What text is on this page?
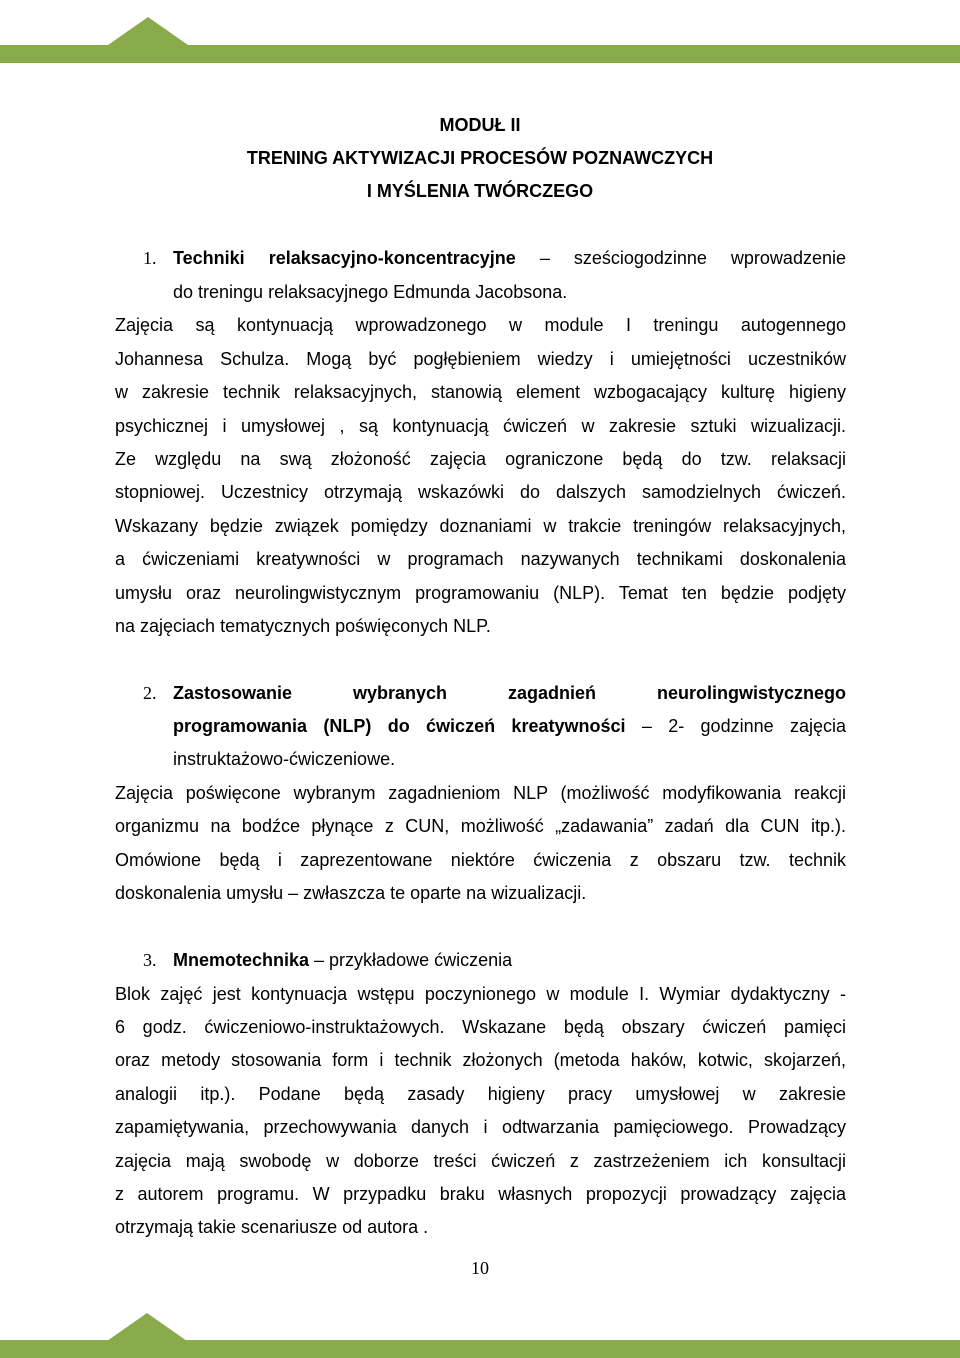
MODUŁ II
TRENING AKTYWIZACJI PROCESÓW POZNAWCZYCH
I MYŚLENIA TWÓRCZEGO
1. Techniki relaksacyjno-koncentracyjne – sześciogodzinne wprowadzenie
do treningu relaksacyjnego Edmunda Jacobsona.
Zajęcia są kontynuacją wprowadzonego w module I treningu autogennego
Johannesa Schulza. Mogą być pogłębieniem wiedzy i umiejętności uczestników
w zakresie technik relaksacyjnych, stanowią element wzbogacający kulturę higieny
psychicznej i umysłowej , są kontynuacją ćwiczeń w zakresie sztuki wizualizacji.
Ze względu na swą złożoność zajęcia ograniczone będą do tzw. relaksacji
stopniowej. Uczestnicy otrzymają wskazówki do dalszych samodzielnych ćwiczeń.
Wskazany będzie związek pomiędzy doznaniami w trakcie treningów relaksacyjnych,
a ćwiczeniami kreatywności w programach nazywanych technikami doskonalenia
umysłu oraz neurolingwistycznym programowaniu (NLP). Temat ten będzie podjęty
na zajęciach tematycznych poświęconych NLP.
2. Zastosowanie wybranych zagadnień neurolingwistycznego
programowania (NLP) do ćwiczeń kreatywności – 2- godzinne zajęcia
instruktażowo-ćwiczeniowe.
Zajęcia poświęcone wybranym zagadnieniom NLP (możliwość modyfikowania reakcji
organizmu na bodźce płynące z CUN, możliwość „zadawania” zadań dla CUN itp.).
Omówione będą i zaprezentowane niektóre ćwiczenia z obszaru tzw. technik
doskonalenia umysłu – zwłaszcza te oparte na wizualizacji.
3. Mnemotechnika – przykładowe ćwiczenia
Blok zajęć jest kontynuacja wstępu poczynionego w module I. Wymiar dydaktyczny -
6 godz. ćwiczeniowo-instruktażowych. Wskazane będą obszary ćwiczeń pamięci
oraz metody stosowania form i technik złożonych (metoda haków, kotwic, skojarzeń,
analogii itp.). Podane będą zasady higieny pracy umysłowej w zakresie
zapamiętywania, przechowywania danych i odtwarzania pamięciowego. Prowadzący
zajęcia mają swobodę w doborze treści ćwiczeń z zastrzeżeniem ich konsultacji
z autorem programu. W przypadku braku własnych propozycji prowadzący zajęcia
otrzymają takie scenariusze od autora .
10
